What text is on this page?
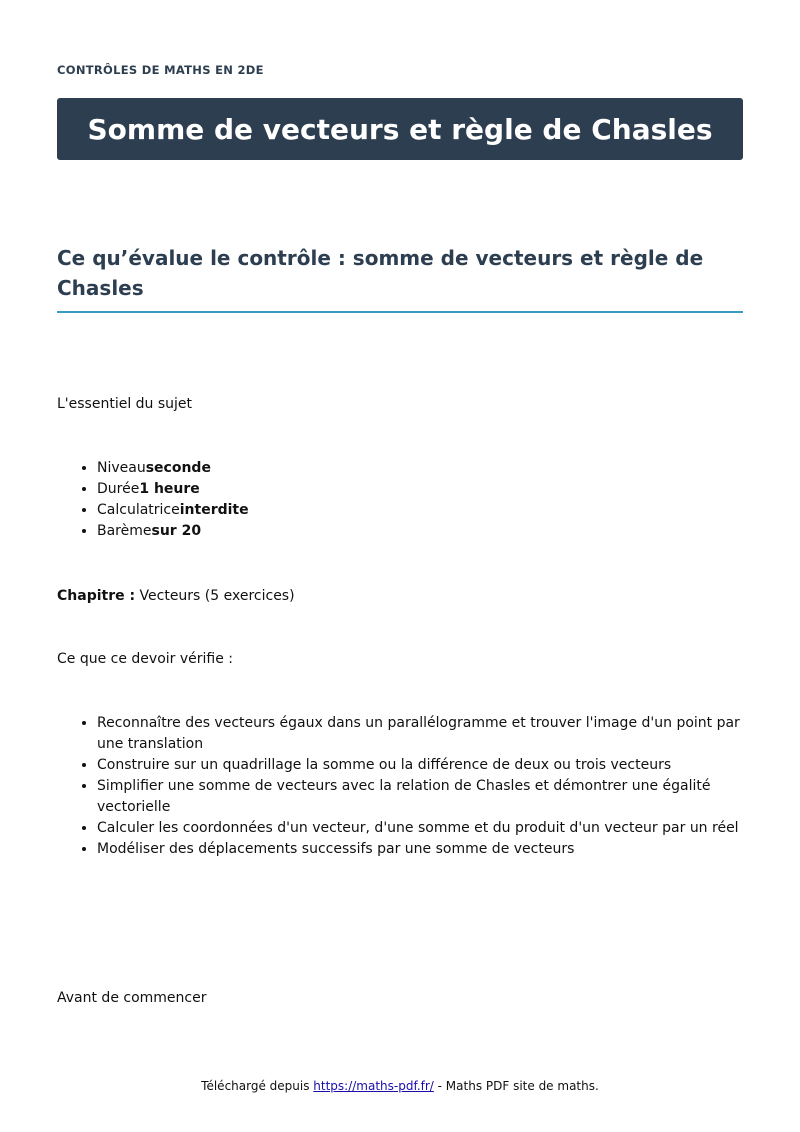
CONTRÔLES DE MATHS EN 2DE
Somme de vecteurs et règle de Chasles
Ce qu’évalue le contrôle : somme de vecteurs et règle de Chasles

L'essentiel du sujet

• Niveauseconde
• Durée1 heure
• Calculatriceinterdite
• Barèmesur 20

Chapitre : Vecteurs (5 exercices)

Ce que ce devoir vérifie :

• Reconnaître des vecteurs égaux dans un parallélogramme et trouver l'image d'un point par une translation
• Construire sur un quadrillage la somme ou la différence de deux ou trois vecteurs
• Simplifier une somme de vecteurs avec la relation de Chasles et démontrer une égalité vectorielle
• Calculer les coordonnées d'un vecteur, d'une somme et du produit d'un vecteur par un réel
• Modéliser des déplacements successifs par une somme de vecteurs

Avant de commencer

Téléchargé depuis https://maths-pdf.fr/ - Maths PDF site de maths.
